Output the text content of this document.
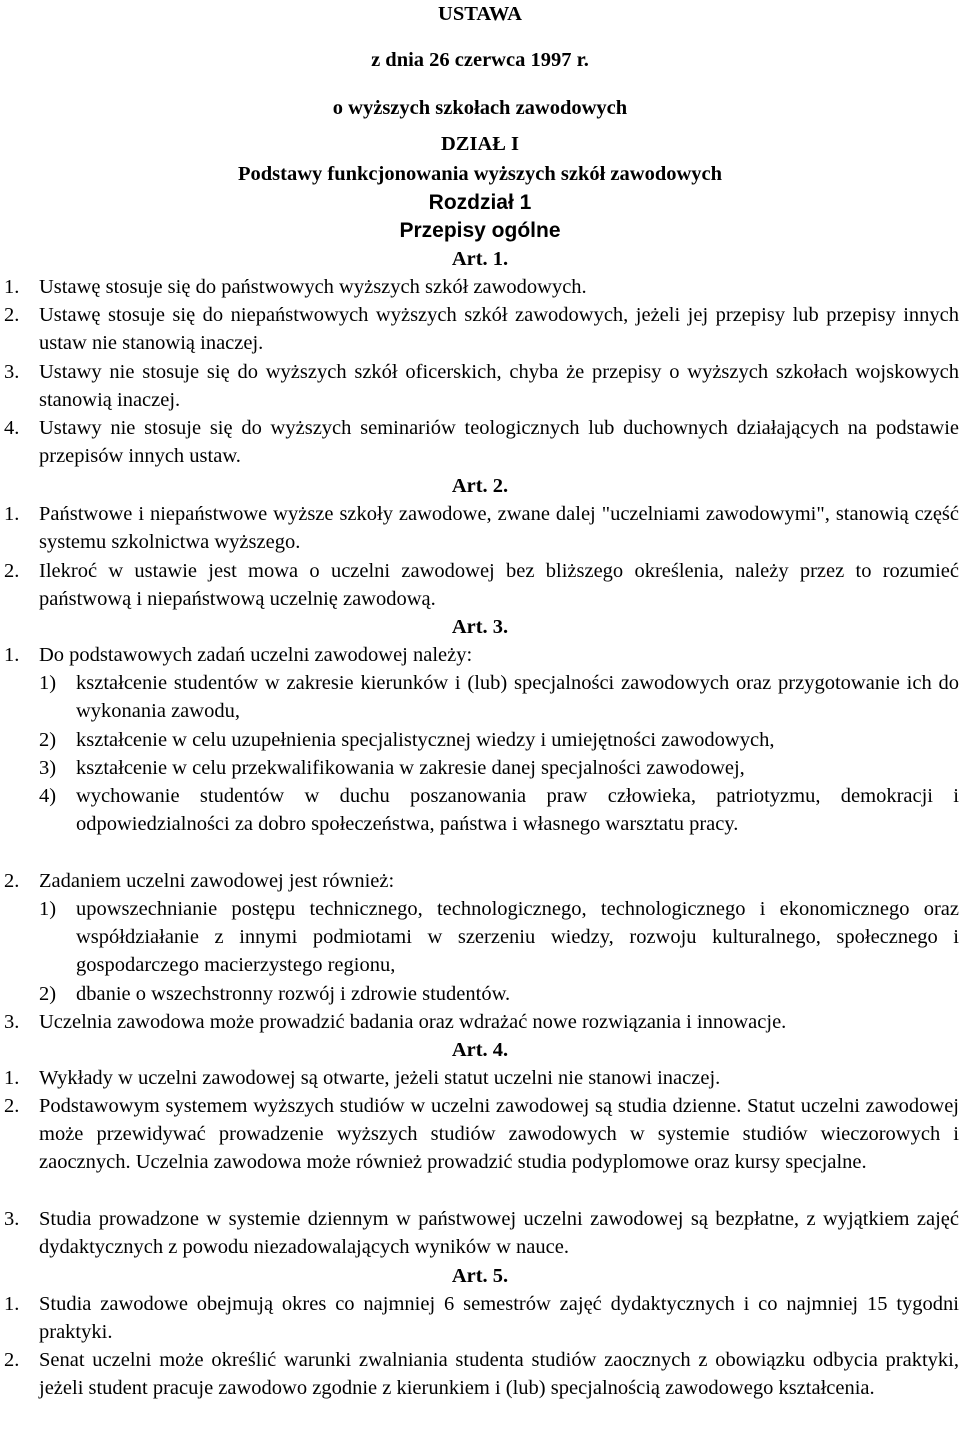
USTAWA
z dnia 26 czerwca 1997 r.
o wyższych szkołach zawodowych
DZIAŁ I
Podstawy funkcjonowania wyższych szkół zawodowych
Rozdział 1
Przepisy ogólne
Art. 1.
1. Ustawę stosuje się do państwowych wyższych szkół zawodowych.
2. Ustawę stosuje się do niepaństwowych wyższych szkół zawodowych, jeżeli jej przepisy lub przepisy innych ustaw nie stanowią inaczej.
3. Ustawy nie stosuje się do wyższych szkół oficerskich, chyba że przepisy o wyższych szkołach wojskowych stanowią inaczej.
4. Ustawy nie stosuje się do wyższych seminariów teologicznych lub duchownych działających na podstawie przepisów innych ustaw.
Art. 2.
1. Państwowe i niepaństwowe wyższe szkoły zawodowe, zwane dalej "uczelniami zawodowymi", stanowią część systemu szkolnictwa wyższego.
2. Ilekroć w ustawie jest mowa o uczelni zawodowej bez bliższego określenia, należy przez to rozumieć państwową i niepaństwową uczelnię zawodową.
Art. 3.
1. Do podstawowych zadań uczelni zawodowej należy:
1) kształcenie studentów w zakresie kierunków i (lub) specjalności zawodowych oraz przygotowanie ich do wykonania zawodu,
2) kształcenie w celu uzupełnienia specjalistycznej wiedzy i umiejętności zawodowych,
3) kształcenie w celu przekwalifikowania w zakresie danej specjalności zawodowej,
4) wychowanie studentów w duchu poszanowania praw człowieka, patriotyzmu, demokracji i odpowiedzialności za dobro społeczeństwa, państwa i własnego warsztatu pracy.
2. Zadaniem uczelni zawodowej jest również:
1) upowszechnianie postępu technicznego, technologicznego, technologicznego i ekonomicznego oraz współdziałanie z innymi podmiotami w szerzeniu wiedzy, rozwoju kulturalnego, społecznego i gospodarczego macierzystego regionu,
2) dbanie o wszechstronny rozwój i zdrowie studentów.
3. Uczelnia zawodowa może prowadzić badania oraz wdrażać nowe rozwiązania i innowacje.
Art. 4.
1. Wykłady w uczelni zawodowej są otwarte, jeżeli statut uczelni nie stanowi inaczej.
2. Podstawowym systemem wyższych studiów w uczelni zawodowej są studia dzienne. Statut uczelni zawodowej może przewidywać prowadzenie wyższych studiów zawodowych w systemie studiów wieczorowych i zaocznych. Uczelnia zawodowa może również prowadzić studia podyplomowe oraz kursy specjalne.
3. Studia prowadzone w systemie dziennym w państwowej uczelni zawodowej są bezpłatne, z wyjątkiem zajęć dydaktycznych z powodu niezadowalających wyników w nauce.
Art. 5.
1. Studia zawodowe obejmują okres co najmniej 6 semestrów zajęć dydaktycznych i co najmniej 15 tygodni praktyki.
2. Senat uczelni może określić warunki zwalniania studenta studiów zaocznych z obowiązku odbycia praktyki, jeżeli student pracuje zawodowo zgodnie z kierunkiem i (lub) specjalnością zawodowego kształcenia.
